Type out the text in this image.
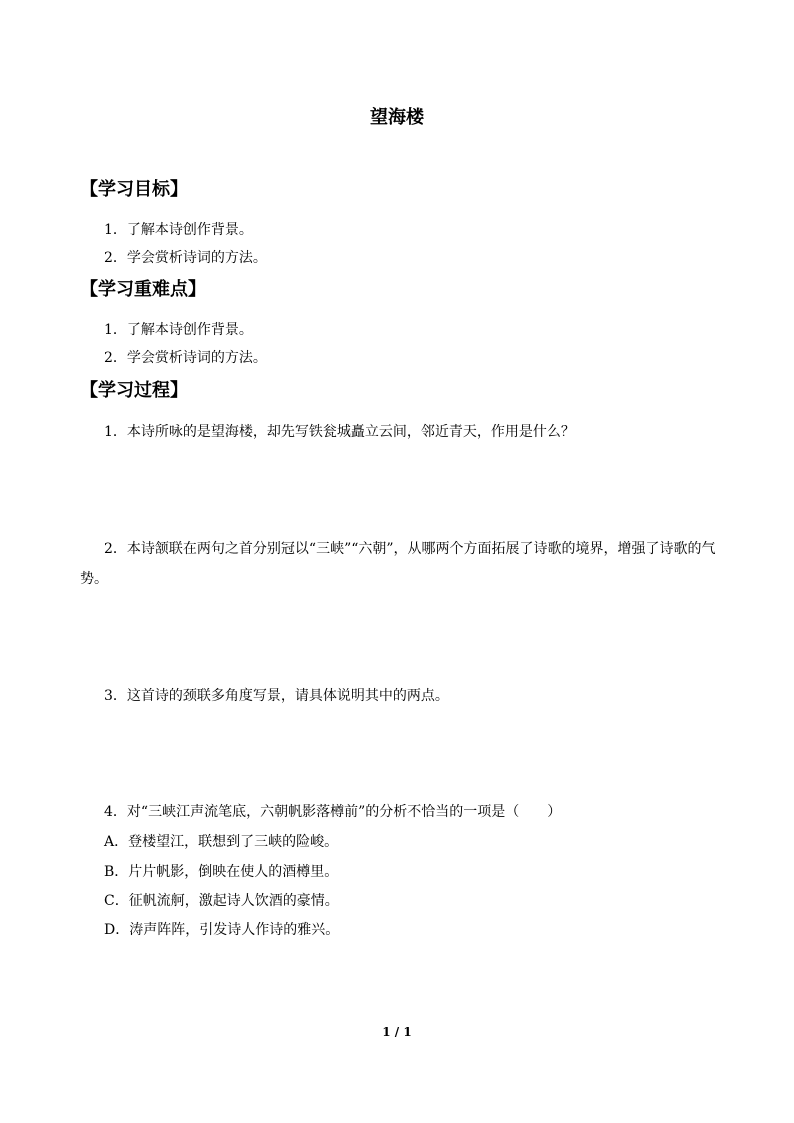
望海楼
【学习目标】
1．了解本诗创作背景。
2．学会赏析诗词的方法。
【学习重难点】
1．了解本诗创作背景。
2．学会赏析诗词的方法。
【学习过程】
1．本诗所咏的是望海楼，却先写铁瓮城矗立云间，邻近青天，作用是什么？
2．本诗颔联在两句之首分别冠以“三峡”“六朝”，从哪两个方面拓展了诗歌的境界，增强了诗歌的气势。
3．这首诗的颈联多角度写景，请具体说明其中的两点。
4．对“三峡江声流笔底，六朝帆影落樽前”的分析不恰当的一项是（　　）
A．登楼望江，联想到了三峡的险峻。
B．片片帆影，倒映在使人的酒樽里。
C．征帆流舸，激起诗人饮酒的豪情。
D．涛声阵阵，引发诗人作诗的雅兴。
1 / 1
